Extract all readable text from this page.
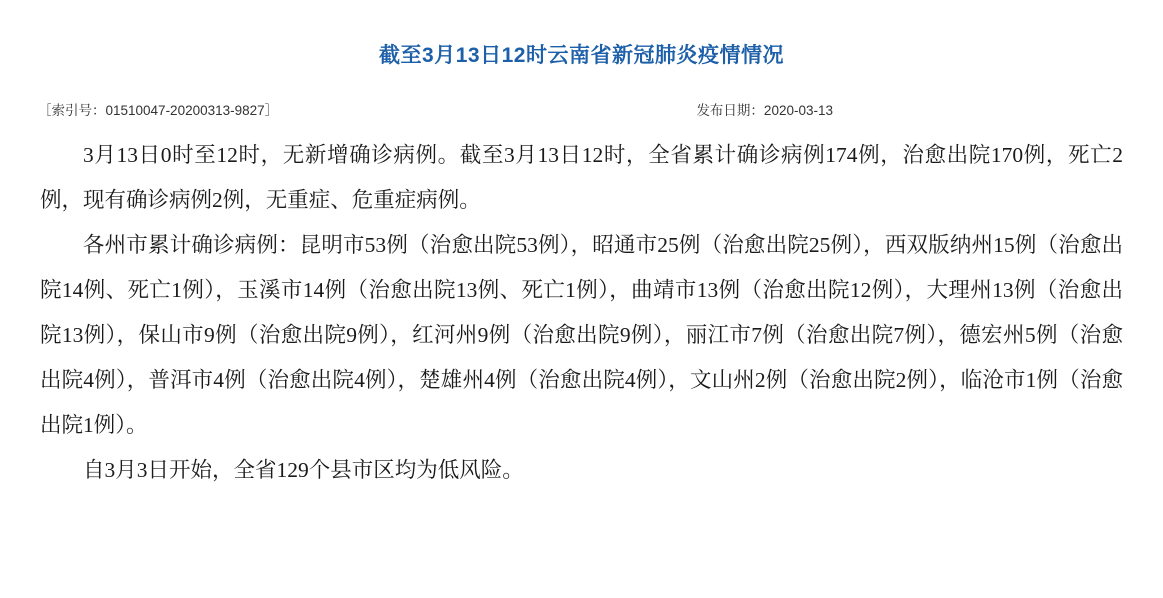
截至3月13日12时云南省新冠肺炎疫情情况
［索引号：01510047-20200313-9827］	发布日期：2020-03-13

3月13日0时至12时，无新增确诊病例。截至3月13日12时，全省累计确诊病例174例，治愈出院170例，死亡2例，现有确诊病例2例，无重症、危重症病例。

各州市累计确诊病例：昆明市53例（治愈出院53例），昭通市25例（治愈出院25例），西双版纳州15例（治愈出院14例、死亡1例），玉溪市14例（治愈出院13例、死亡1例），曲靖市13例（治愈出院12例），大理州13例（治愈出院13例），保山市9例（治愈出院9例），红河州9例（治愈出院9例），丽江市7例（治愈出院7例），德宏州5例（治愈出院4例），普洱市4例（治愈出院4例），楚雄州4例（治愈出院4例），文山州2例（治愈出院2例），临沧市1例（治愈出院1例）。

自3月3日开始，全省129个县市区均为低风险。
